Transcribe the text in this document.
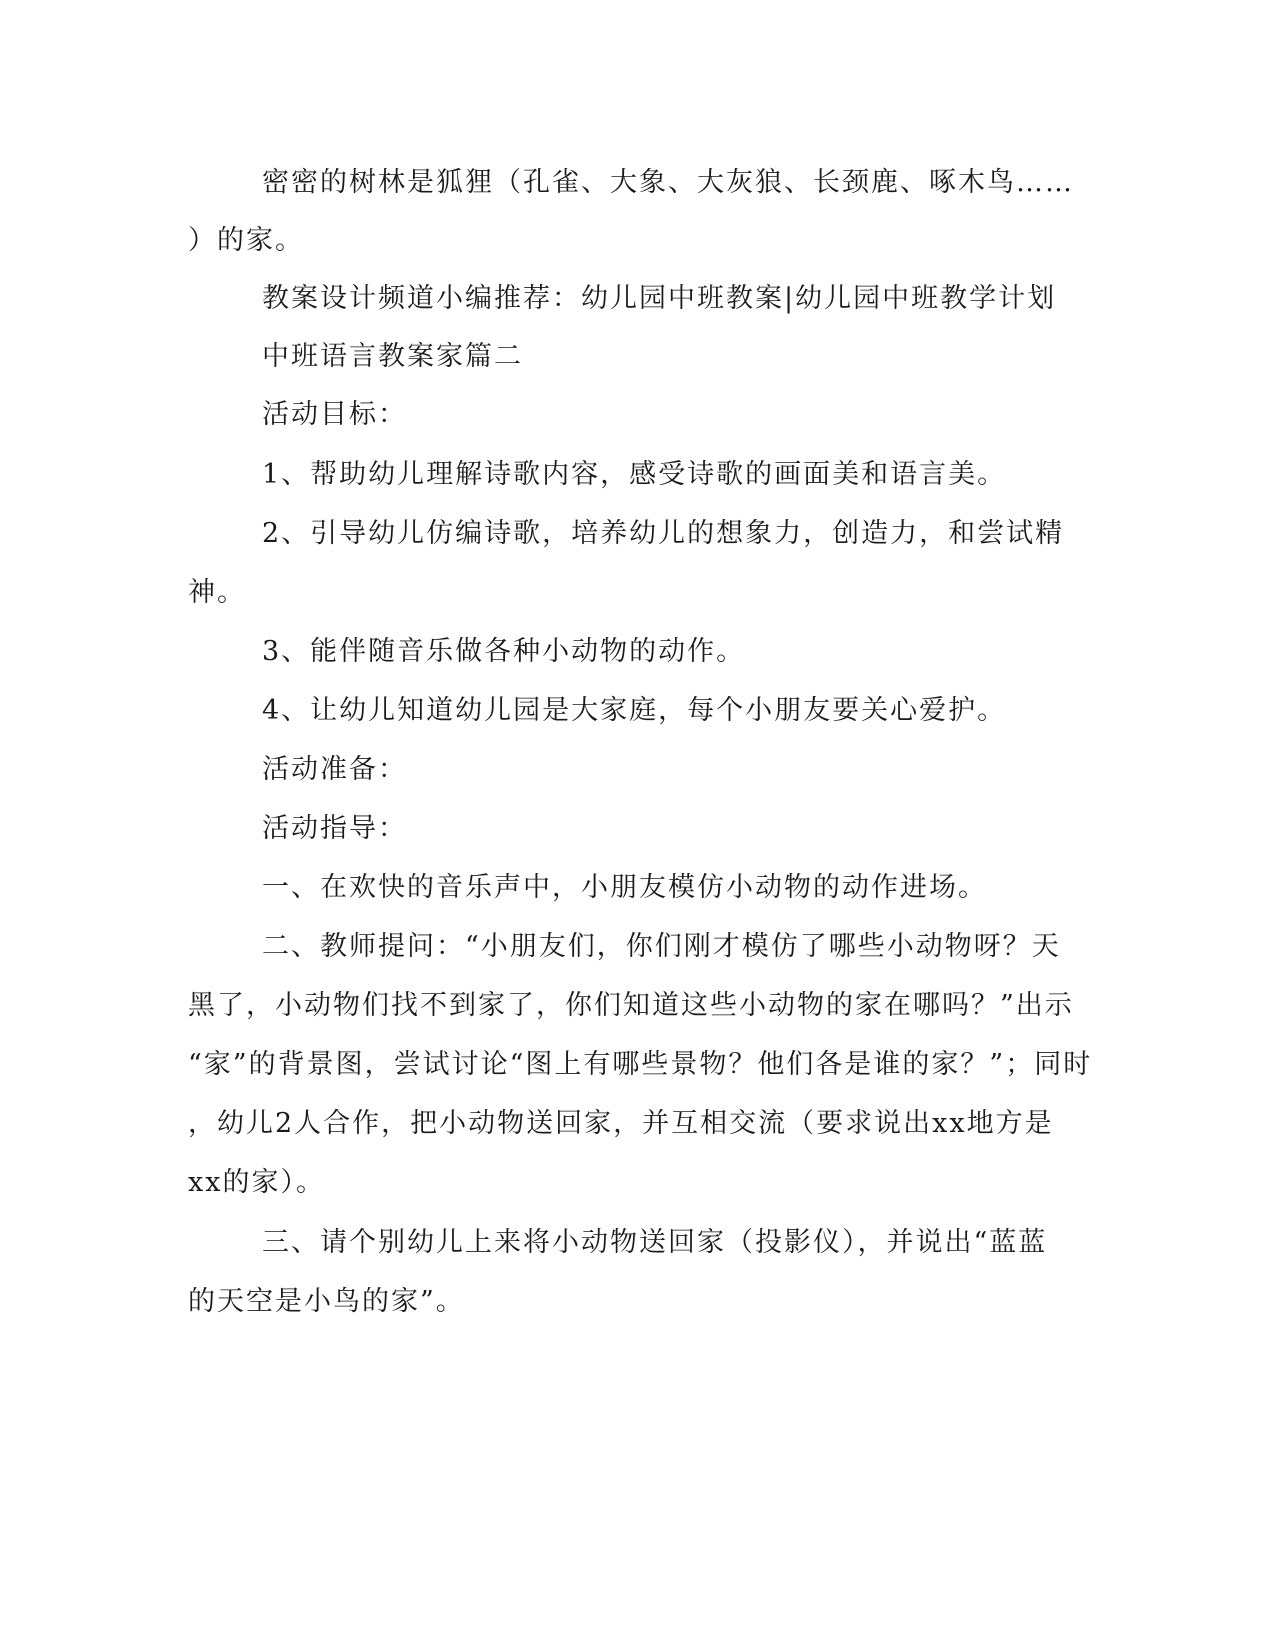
密密的树林是狐狸（孔雀、大象、大灰狼、长颈鹿、啄木鸟……
）的家。
教案设计频道小编推荐：幼儿园中班教案|幼儿园中班教学计划
中班语言教案家篇二
活动目标：
1、帮助幼儿理解诗歌内容，感受诗歌的画面美和语言美。
2、引导幼儿仿编诗歌，培养幼儿的想象力，创造力，和尝试精
神。
3、能伴随音乐做各种小动物的动作。
4、让幼儿知道幼儿园是大家庭，每个小朋友要关心爱护。
活动准备：
活动指导：
一、在欢快的音乐声中，小朋友模仿小动物的动作进场。
二、教师提问：“小朋友们，你们刚才模仿了哪些小动物呀？天
黑了，小动物们找不到家了，你们知道这些小动物的家在哪吗？”出示
“家”的背景图，尝试讨论“图上有哪些景物？他们各是谁的家？”；同时
，幼儿2人合作，把小动物送回家，并互相交流（要求说出xx地方是
xx的家）。
三、请个别幼儿上来将小动物送回家（投影仪），并说出“蓝蓝
的天空是小鸟的家”。
